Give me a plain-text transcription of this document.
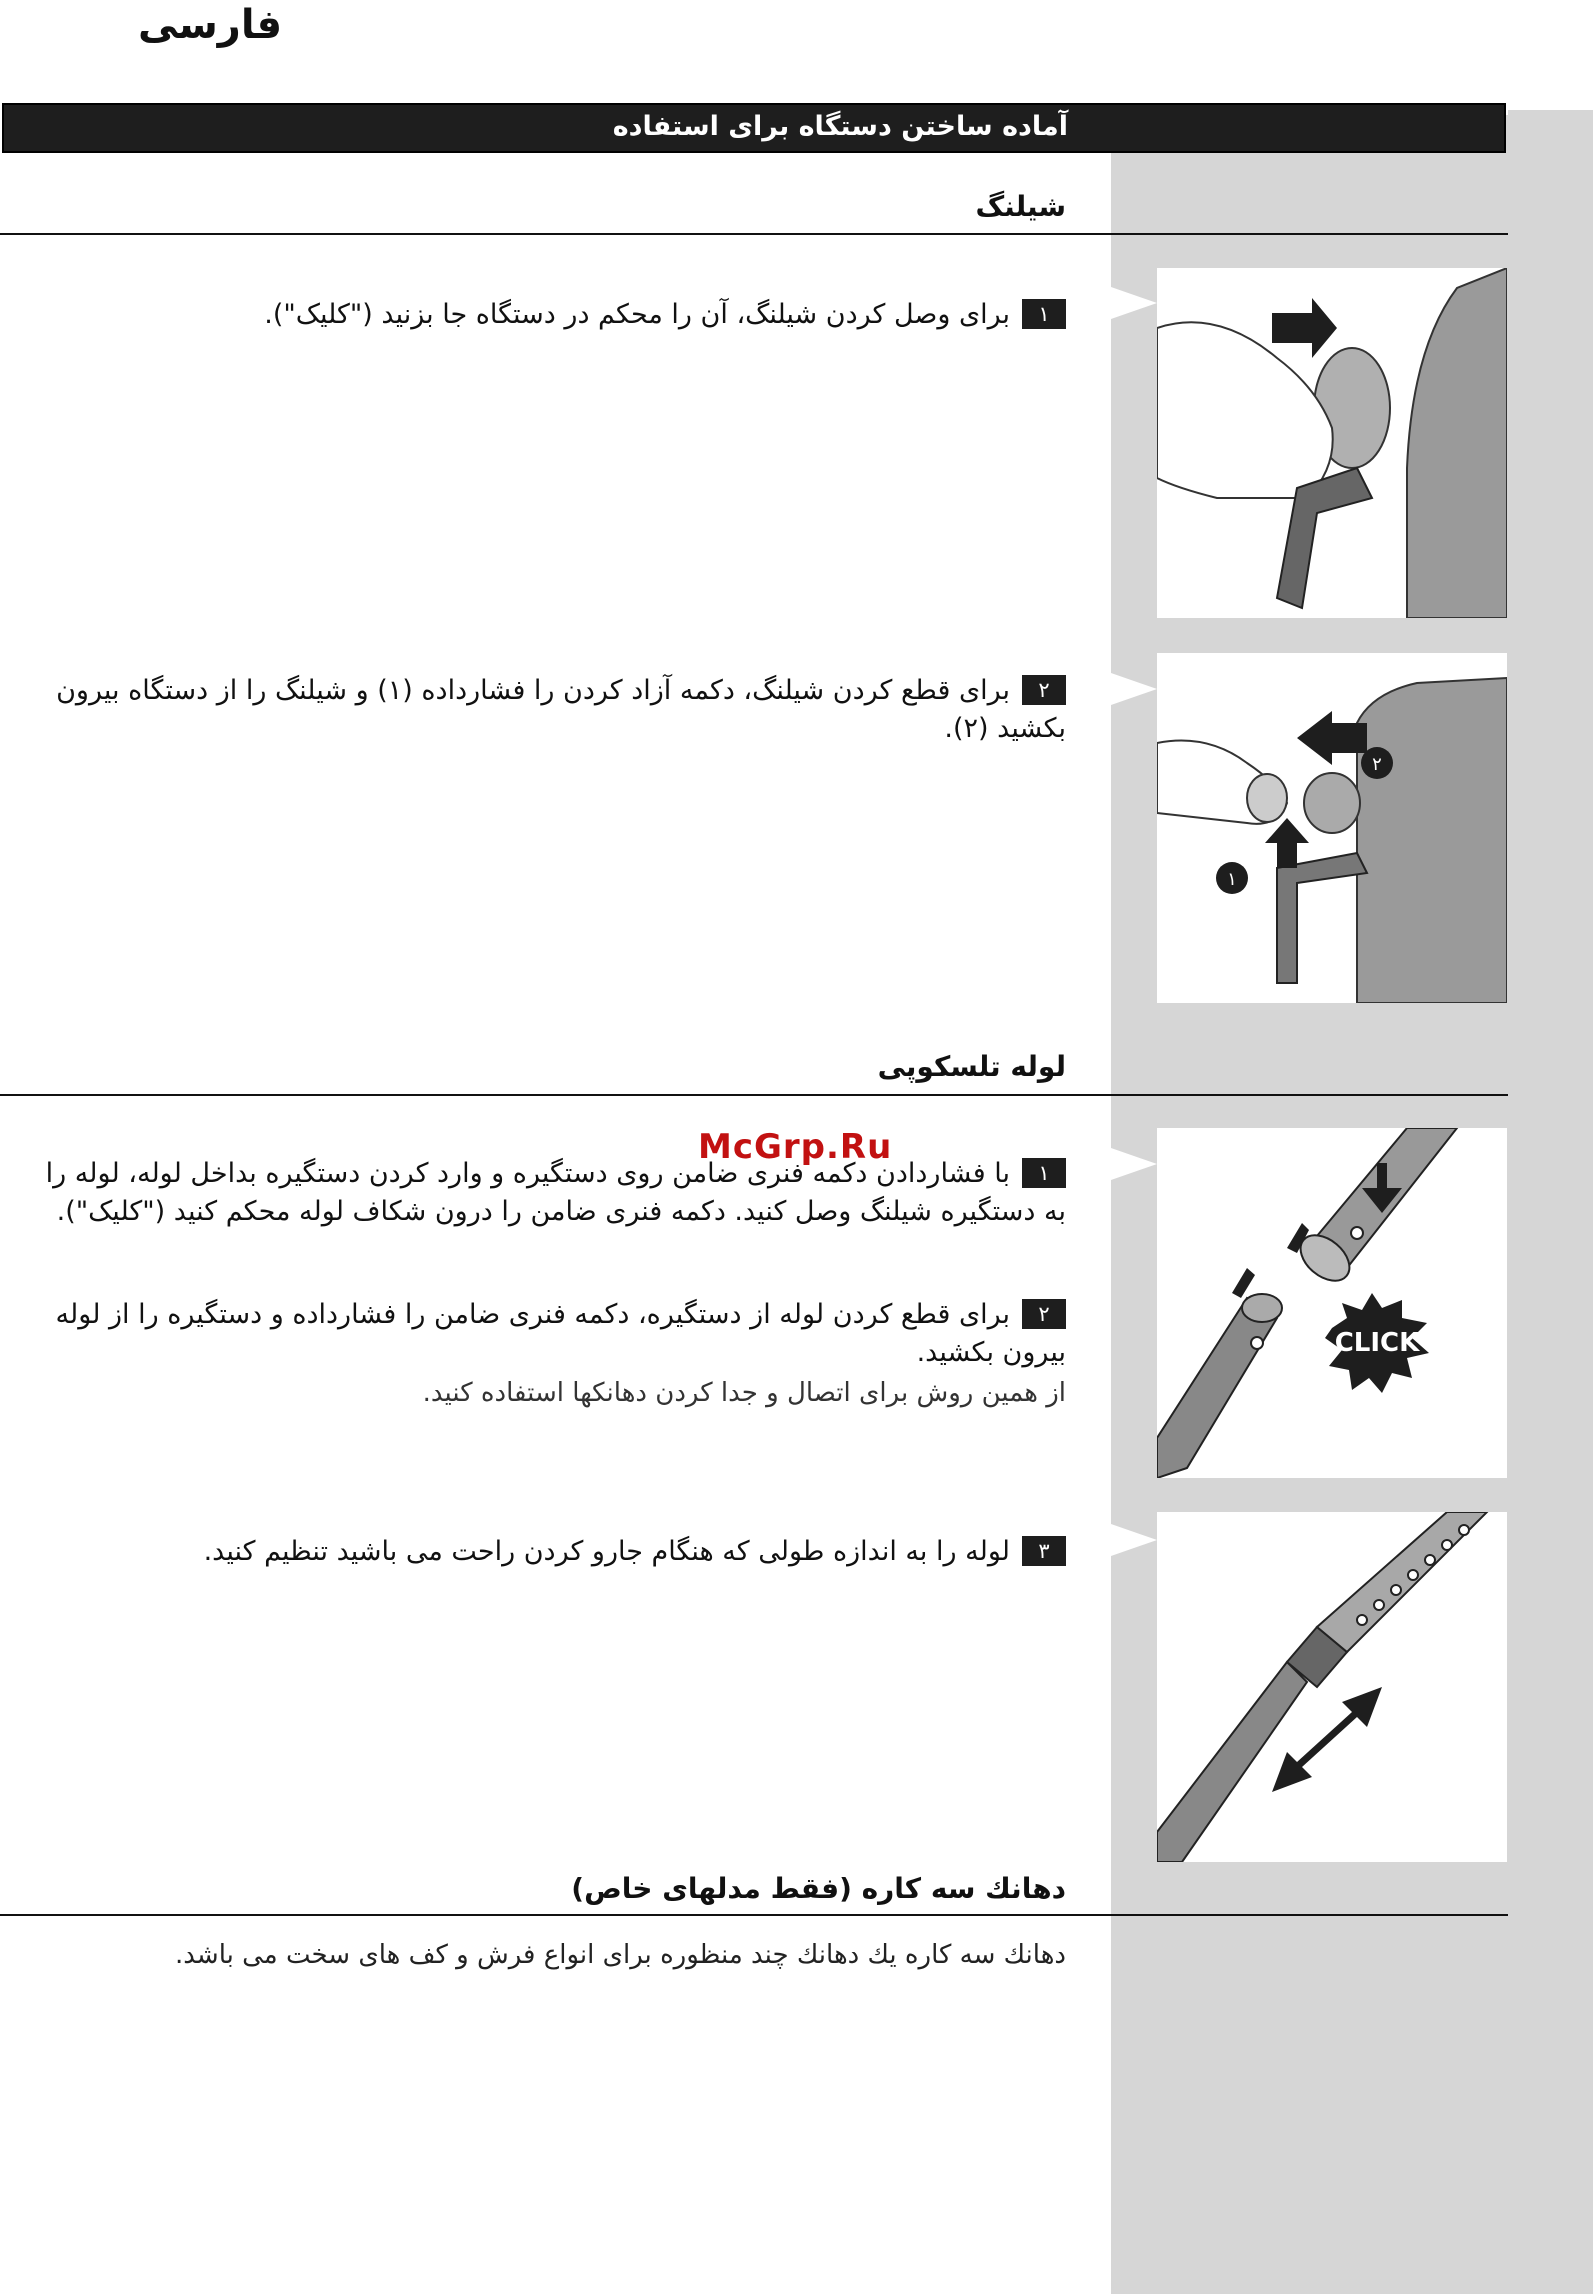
فارسی
آماده ساختن دستگاه برای استفاده
شیلنگ
۱برای وصل کردن شیلنگ، آن را محکم در دستگاه جا بزنید ("کلیک").
۲برای قطع کردن شیلنگ، دکمه آزاد کردن را فشارداده (۱) و شیلنگ را از دستگاه بیرون بکشید (۲).
۲
۱
لوله تلسکوپی
۱با فشاردادن دکمه فنری ضامن روی دستگیره و وارد کردن دستگیره بداخل لوله، لوله را به دستگیره شیلنگ وصل کنید. دکمه فنری ضامن را درون شکاف لوله محکم کنید ("کلیک").
McGrp.Ru
۲برای قطع کردن لوله از دستگیره، دکمه فنری ضامن را فشارداده و دستگیره را از لوله بیرون بکشید.
از همین روش برای اتصال و جدا کردن دهانکها استفاده کنید.
CLICK
۳لوله را به اندازه طولی که هنگام جارو کردن راحت می باشید تنظیم کنید.
دهانك سه كاره (فقط مدلهای خاص)
دهانك سه كاره يك دهانك چند منظوره برای انواع فرش و كف های سخت می باشد.
